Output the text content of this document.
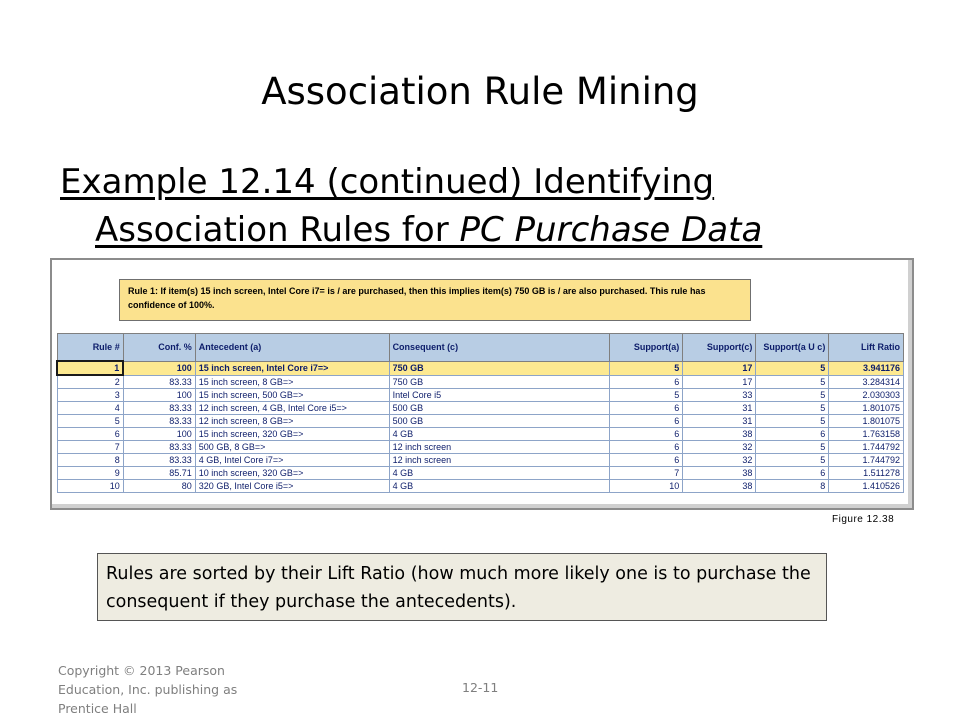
Association Rule Mining
Example 12.14 (continued) Identifying
Association Rules for PC Purchase Data
Rule 1: If item(s) 15 inch screen, Intel Core i7= is / are purchased, then this implies item(s) 750 GB is / are also purchased. This rule has confidence of 100%.
Rule #	Conf. %	Antecedent (a)	Consequent (c)	Support(a)	Support(c)	Support(a U c)	Lift Ratio
1	100	15 inch screen, Intel Core i7=>	750 GB	5	17	5	3.941176
2	83.33	15 inch screen, 8 GB=>	750 GB	6	17	5	3.284314
3	100	15 inch screen, 500 GB=>	Intel Core i5	5	33	5	2.030303
4	83.33	12 inch screen, 4 GB, Intel Core i5=>	500 GB	6	31	5	1.801075
5	83.33	12 inch screen, 8 GB=>	500 GB	6	31	5	1.801075
6	100	15 inch screen, 320 GB=>	4 GB	6	38	6	1.763158
7	83.33	500 GB, 8 GB=>	12 inch screen	6	32	5	1.744792
8	83.33	4 GB, Intel Core i7=>	12 inch screen	6	32	5	1.744792
9	85.71	10 inch screen, 320 GB=>	4 GB	7	38	6	1.511278
10	80	320 GB, Intel Core i5=>	4 GB	10	38	8	1.410526
Figure 12.38
Rules are sorted by their Lift Ratio (how much more likely one is to purchase the consequent if they purchase the antecedents).
Copyright © 2013 Pearson Education, Inc. publishing as Prentice Hall
12-11
